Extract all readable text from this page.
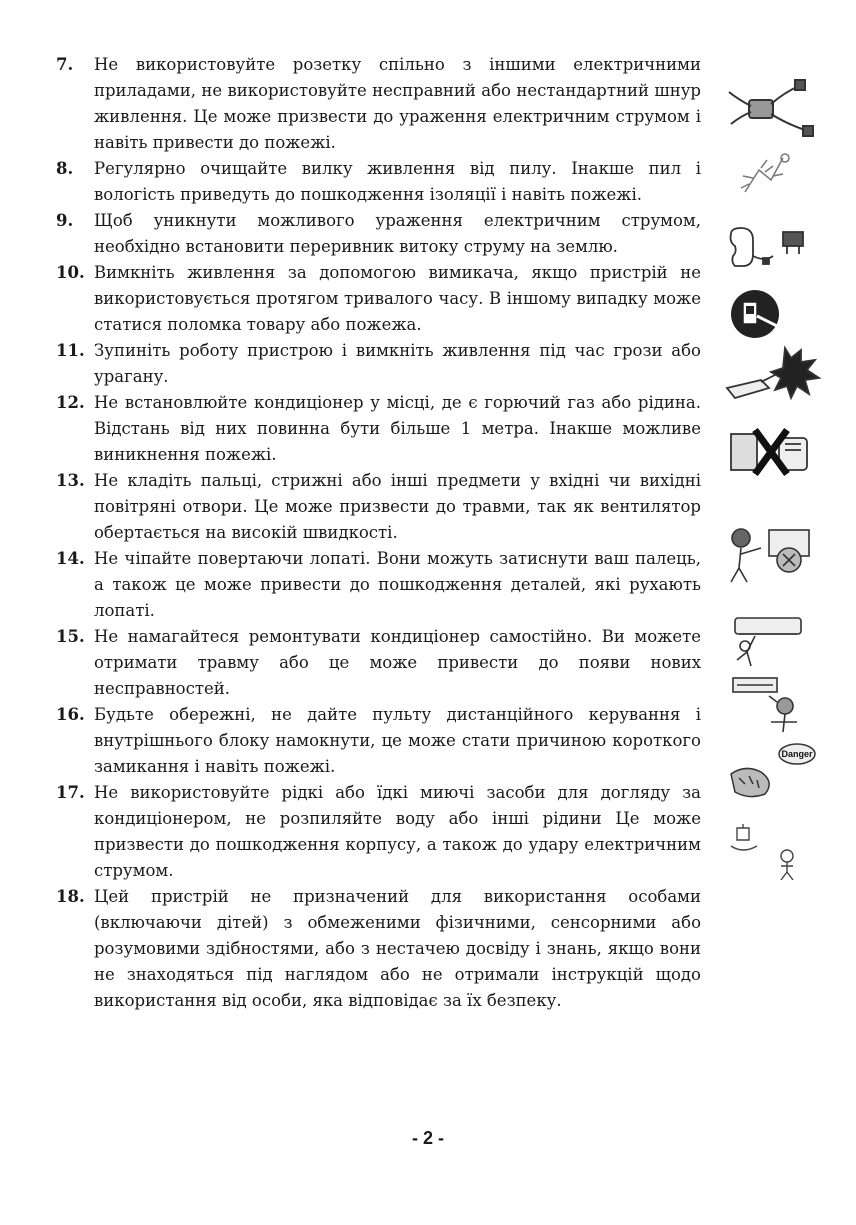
7.	Не використовуйте розетку спільно з іншими електричними приладами, не використовуйте несправний або нестандартний шнур живлення. Це може призвести до ураження електричним струмом і навіть привести до пожежі.
8.	Регулярно очищайте вилку живлення від пилу. Інакше пил і вологість приведуть до пошкодження ізоляції і навіть пожежі.
9.	Щоб уникнути можливого ураження електричним струмом, необхідно встановити переривник витоку струму на землю.
10. Вимкніть живлення за допомогою вимикача, якщо пристрій не використовується протягом тривалого часу. В іншому випадку може статися поломка товару або пожежа.
11. Зупиніть роботу пристрою і вимкніть живлення під час грози або урагану.
12. Не встановлюйте кондиціонер у місці, де є горючий газ або рідина. Відстань від них повинна бути більше 1 метра. Інакше можливе виникнення пожежі.
13. Не кладіть пальці, стрижні або інші предмети у вхідні чи вихідні повітряні отвори. Це може призвести до травми, так як вентилятор обертається на високій швидкості.
14. Не чіпайте повертаючи лопаті. Вони можуть затиснути ваш палець, а також це може привести до пошкодження деталей, які рухають лопаті.
15. Не намагайтеся ремонтувати кондиціонер самостійно. Ви можете отримати травму або це може привести до появи нових несправностей.
16. Будьте обережні, не дайте пульту дистанційного керування і внутрішнього блоку намокнути, це може стати причиною короткого замикання і навіть пожежі.
17. Не використовуйте рідкі або їдкі миючі засоби для догляду за кондиціонером, не розпиляйте воду або інші рідини Це може призвести до пошкодження корпусу, а також до удару електричним струмом.
18. Цей пристрій не призначений для використання особами (включаючи дітей) з обмеженими фізичними, сенсорними або розумовими здібностями, або з нестачею досвіду і знань, якщо вони не знаходяться під наглядом або не отримали інструкцій щодо використання від особи, яка відповідає за їх безпеку.
Danger
- 2 -
